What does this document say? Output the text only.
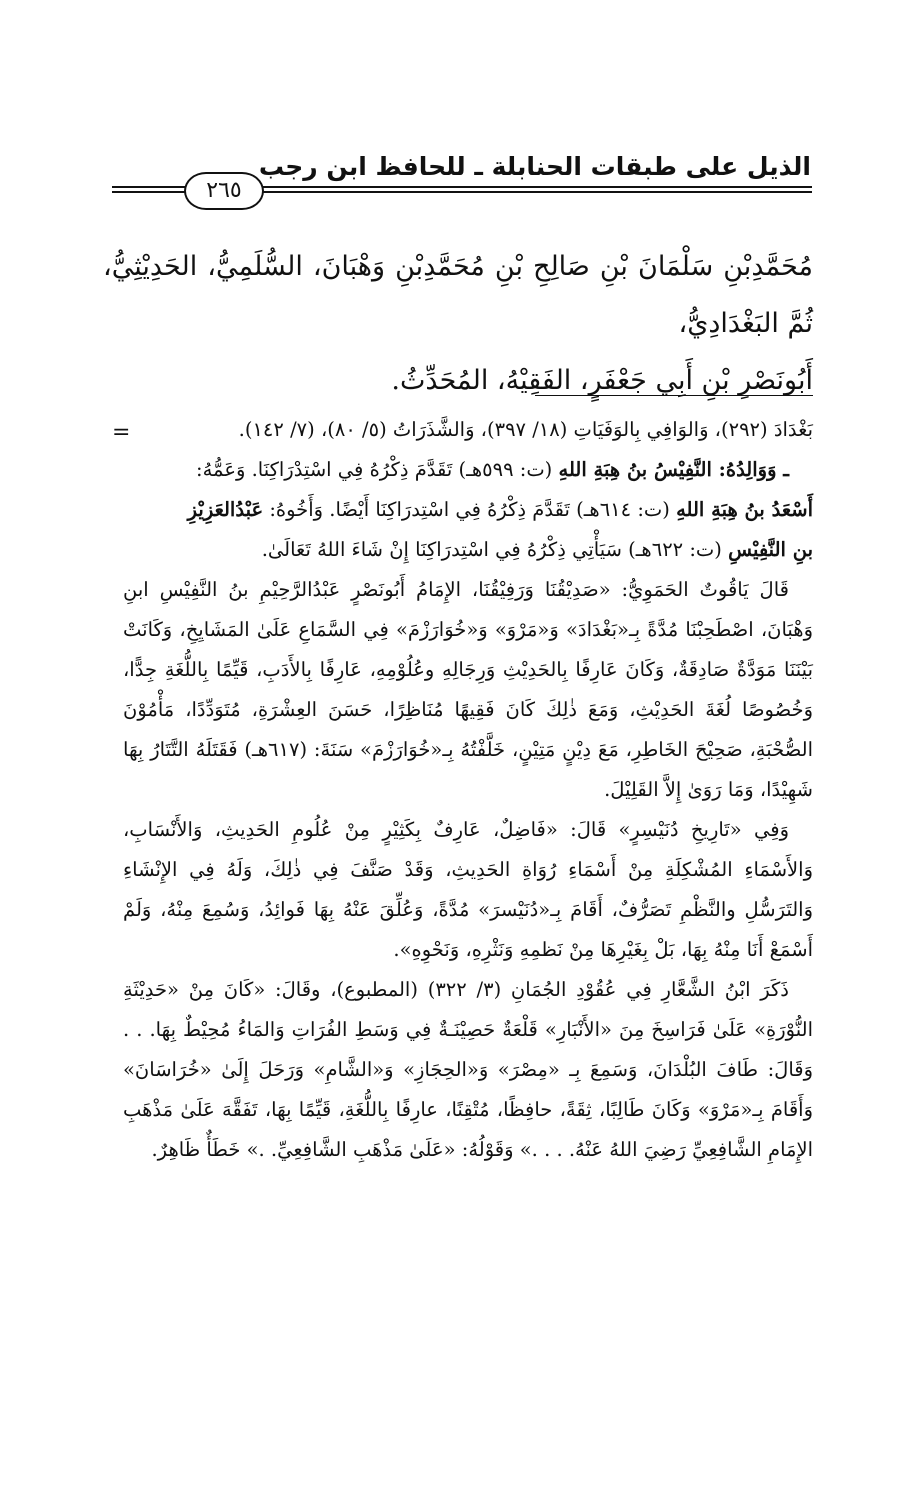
الذيل على طبقات الحنابلة ـ للحافظ ابن رجب
٢٦٥

مُحَمَّدِبْنِ سَلْمَانَ بْنِ صَالِحِ بْنِ مُحَمَّدِبْنِ وَهْبَانَ، السُّلَمِيُّ، الحَدِيْثِيُّ، ثُمَّ البَغْدَادِيُّ،

أَبُونَصْرِ بْنِ أَبِي جَعْفَرٍ، الفَقِيْهُ، المُحَدِّثُ.

=	بَغْدَادَ (٢٩٢)، وَالوَافِي بِالوَفَيَاتِ (١٨/ ٣٩٧)، وَالشَّذَرَاتُ (٥/ ٨٠)، (٧/ ١٤٢).

ـ وَوَالِدُهُ: النَّفِيْسُ بنُ هِبَةِ اللهِ (ت: ٥٩٩هـ) تَقَدَّمَ ذِكْرُهُ فِي اسْتِدْرَاكِنَا. وَعَمُّهُ:

أَسْعَدُ بنُ هِبَةِ اللهِ (ت: ٦١٤هـ) تَقَدَّمَ ذِكْرُهُ فِي اسْتِدرَاكِنَا أَيْضًا. وَأَخُوهُ: عَبْدُالعَزِيْزِ

بنِ النَّفِيْسِ (ت: ٦٢٢هـ) سَيَأْتِي ذِكْرُهُ فِي اسْتِدرَاكِنَا إِنْ شَاءَ اللهُ تَعَالَىٰ.

قَالَ يَاقُوتٌ الحَمَوِيُّ: «صَدِيْقُنَا وَرَفِيْقُنَا، الإِمَامُ أَبُونَصْرٍ عَبْدُالرَّحِيْمِ بنُ النَّفِيْسِ ابنِ وَهْبَانَ، اصْطَحِبْنَا مُدَّةً بِـ«بَغْدَادَ» وَ«مَرْوَ» وَ«خُوَارَزْمَ» فِي السَّمَاعِ عَلَىٰ المَشَايِخِ، وَكَانَتْ بَيْنَنَا مَوَدَّةٌ صَادِقَةٌ، وَكَانَ عَارِفًا بِالحَدِيْثِ وَرِجَالِهِ وعُلُوْمِهِ، عَارِفًا بِالأَدَبِ، قَيِّمًا بِاللُّغَةِ جِدًّا، وَخُصُوصًا لُغَةَ الحَدِيْثِ، وَمَعَ ذٰلِكَ كَانَ فَقِيهًا مُنَاظِرًا، حَسَنَ العِشْرَةِ، مُتَوَدِّدًا، مَأْمُوْنَ الصُّحْبَةِ، صَحِيْحَ الخَاطِرِ، مَعَ دِيْنٍ مَتِيْنٍ، خَلَّفْتُهُ بِـ«خُوَارَزْمَ» سَنَةَ: (٦١٧هـ) فَقَتَلَهُ التَّتَارُ بِهَا شَهِيْدًا، وَمَا رَوَىٰ إِلاَّ القَلِيْلَ.

وَفِي «تَارِيخِ دُنَيْسِرٍ» قَالَ: «فَاضِلٌ، عَارِفٌ بِكَثِيْرٍ مِنْ عُلُومِ الحَدِيثِ، وَالأَنْسَابِ، وَالأَسْمَاءِ المُشْكِلَةِ مِنْ أَسْمَاءِ رُوَاةِ الحَدِيثِ، وَقَدْ صَنَّفَ فِي ذٰلِكَ، وَلَهُ فِي الإِنْشَاءِ وَالتَرَسُّلِ والنَّظْمِ تَصَرُّفٌ، أَقَامَ بِـ«دُنَيْسرَ» مُدَّةً، وَعُلِّقَ عَنْهُ بِهَا فَوائِدُ، وَسُمِعَ مِنْهُ، وَلَمْ أَسْمَعْ أَنَا مِنْهُ بِهَا، بَلْ بِغَيْرِهَا مِنْ نَظمِهِ وَنَثْرِهِ، وَنَحْوِهِ».

ذَكَرَ ابْنُ الشَّعَّارِ فِي عُقُوْدِ الجُمَانِ (٣/ ٣٢٢) (المطبوع)، وقَالَ: «كَانَ مِنْ «حَدِيْثَةِ النُّوْرَةِ» عَلَىٰ فَرَاسِخَ مِنَ «الأَنْبَارِ» قَلْعَةٌ حَصِيْنَـةٌ فِي وَسَطِ الفُرَاتِ وَالمَاءُ مُحِيْطٌ بِهَا. . . وَقَالَ: طَافَ البُلْدَانَ، وَسَمِعَ بِـ «مِصْرَ» وَ«الحِجَازِ» وَ«الشَّامِ» وَرَحَلَ إِلَىٰ «خُرَاسَانَ» وَأَقَامَ بِـ«مَرْوَ» وَكَانَ طَالِبًا، ثِقَةً، حافِظًا، مُتْقِنًا، عارِفًا بِاللُّغَةِ، قَيِّمًا بِهَا، تَفَقَّهَ عَلَىٰ مَذْهَبِ الإِمَامِ الشَّافِعِيِّ رَضِيَ اللهُ عَنْهُ. . . .» وَقَوْلُهُ: «عَلَىٰ مَذْهَبِ الشَّافِعِيِّ. .» خَطَأٌ ظَاهِرٌ.
